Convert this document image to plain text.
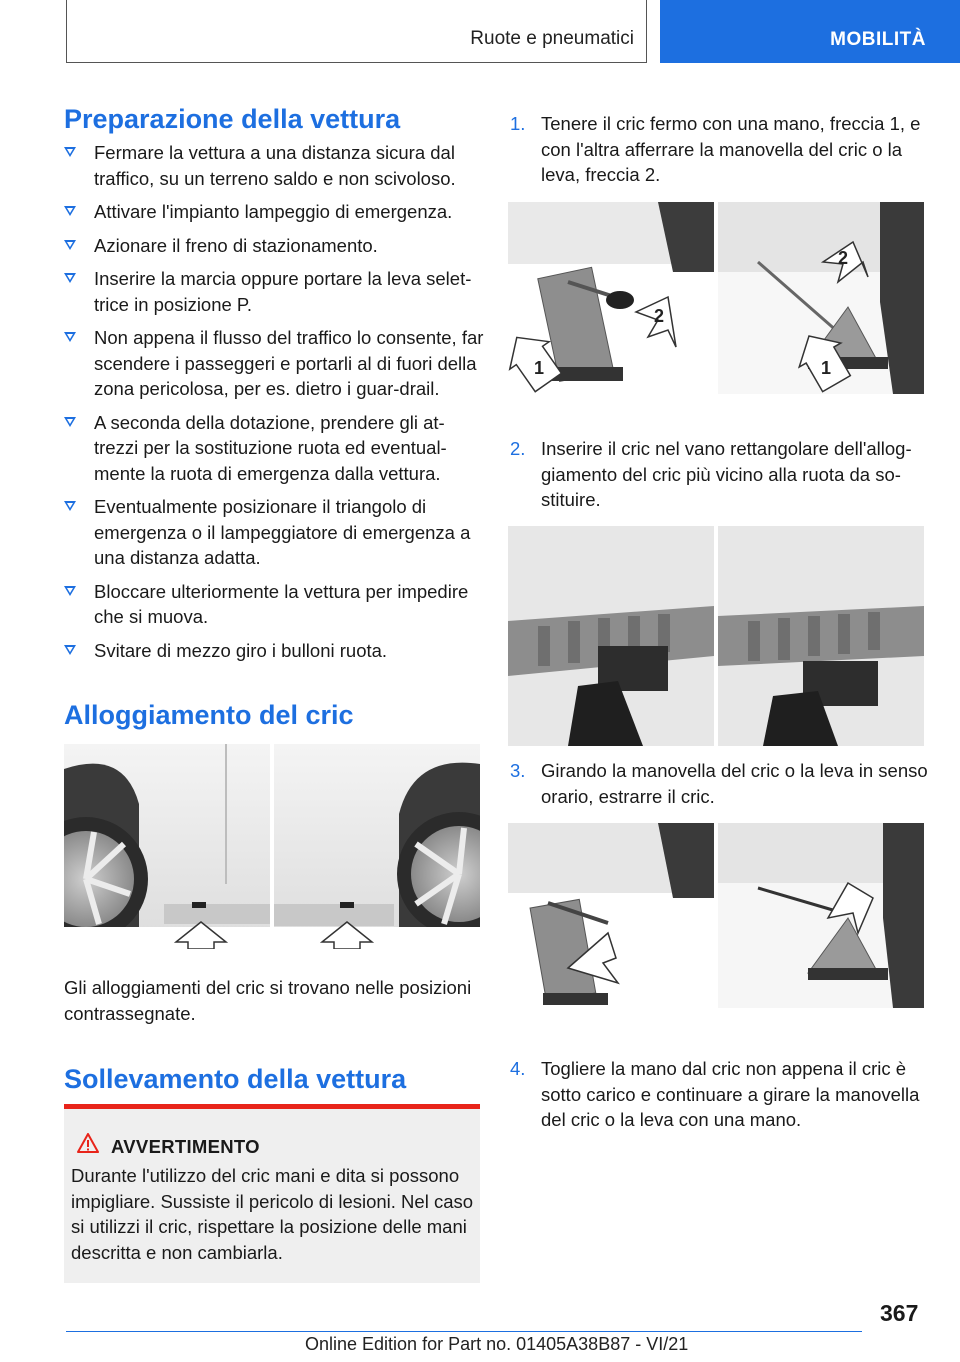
Ruote e pneumatici	MOBILITÀ
Preparazione della vettura
Fermare la vettura a una distanza sicura dal traffico, su un terreno saldo e non scivoloso.
Attivare l'impianto lampeggio di emergenza.
Azionare il freno di stazionamento.
Inserire la marcia oppure portare la leva selet-trice in posizione P.
Non appena il flusso del traffico lo consente, far scendere i passeggeri e portarli al di fuori della zona pericolosa, per es. dietro i guar-drail.
A seconda della dotazione, prendere gli at-trezzi per la sostituzione ruota ed eventual-mente la ruota di emergenza dalla vettura.
Eventualmente posizionare il triangolo di emergenza o il lampeggiatore di emergenza a una distanza adatta.
Bloccare ulteriormente la vettura per impedire che si muova.
Svitare di mezzo giro i bulloni ruota.
Alloggiamento del cric
Gli alloggiamenti del cric si trovano nelle posizioni contrassegnate.
Sollevamento della vettura
AVVERTIMENTO
Durante l'utilizzo del cric mani e dita si possono impigliare. Sussiste il pericolo di lesioni. Nel caso si utilizzi il cric, rispettare la posizione delle mani descritta e non cambiarla.
1. Tenere il cric fermo con una mano, freccia 1, e con l'altra afferrare la manovella del cric o la leva, freccia 2.
2
1
2
1
2. Inserire il cric nel vano rettangolare dell'allog-giamento del cric più vicino alla ruota da so-stituire.
3. Girando la manovella del cric o la leva in senso orario, estrarre il cric.
4. Togliere la mano dal cric non appena il cric è sotto carico e continuare a girare la manovella del cric o la leva con una mano.
367
Online Edition for Part no. 01405A38B87 - VI/21
